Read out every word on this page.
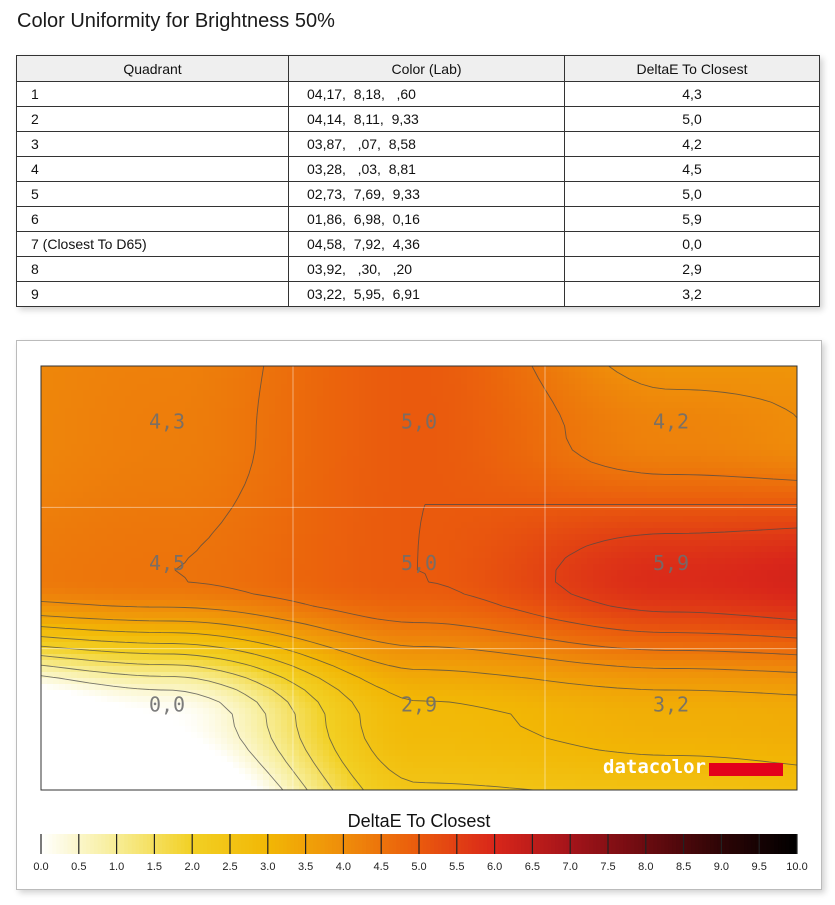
Color Uniformity for Brightness 50%
Quadrant	Color (Lab)	DeltaE To Closest
1	04,17,  8,18,   ,60	4,3
2	04,14,  8,11,  9,33	5,0
3	03,87,   ,07,  8,58	4,2
4	03,28,   ,03,  8,81	4,5
5	02,73,  7,69,  9,33	5,0
6	01,86,  6,98,  0,16	5,9
7 (Closest To D65)	04,58,  7,92,  4,36	0,0
8	03,92,   ,30,   ,20	2,9
9	03,22,  5,95,  6,91	3,2
4,3	5,0	4,2
4,5	5,0	5,9
0,0	2,9	3,2
datacolor
DeltaE To Closest
0.0 0.5 1.0 1.5 2.0 2.5 3.0 3.5 4.0 4.5 5.0 5.5 6.0 6.5 7.0 7.5 8.0 8.5 9.0 9.5 10.0
